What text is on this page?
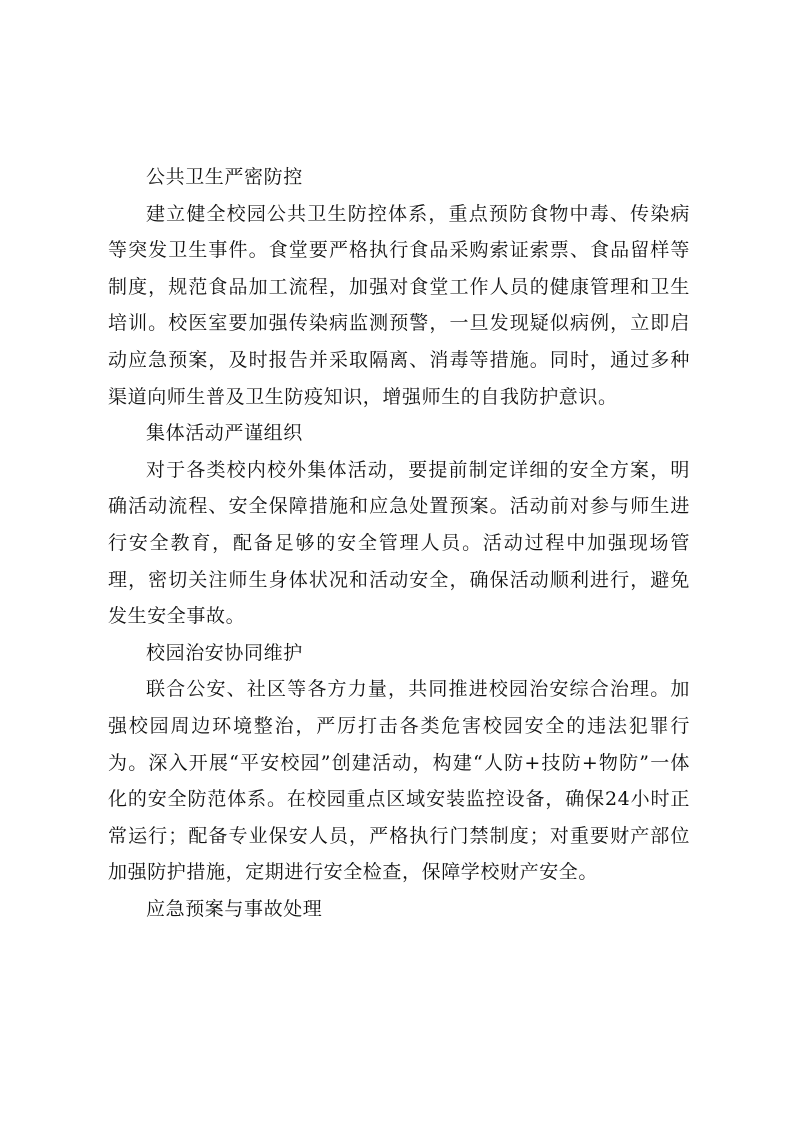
公共卫生严密防控

建立健全校园公共卫生防控体系，重点预防食物中毒、传染病等突发卫生事件。食堂要严格执行食品采购索证索票、食品留样等制度，规范食品加工流程，加强对食堂工作人员的健康管理和卫生培训。校医室要加强传染病监测预警，一旦发现疑似病例，立即启动应急预案，及时报告并采取隔离、消毒等措施。同时，通过多种渠道向师生普及卫生防疫知识，增强师生的自我防护意识。

集体活动严谨组织

对于各类校内校外集体活动，要提前制定详细的安全方案，明确活动流程、安全保障措施和应急处置预案。活动前对参与师生进行安全教育，配备足够的安全管理人员。活动过程中加强现场管理，密切关注师生身体状况和活动安全，确保活动顺利进行，避免发生安全事故。

校园治安协同维护

联合公安、社区等各方力量，共同推进校园治安综合治理。加强校园周边环境整治，严厉打击各类危害校园安全的违法犯罪行为。深入开展“平安校园”创建活动，构建“人防+技防+物防”一体化的安全防范体系。在校园重点区域安装监控设备，确保24小时正常运行；配备专业保安人员，严格执行门禁制度；对重要财产部位加强防护措施，定期进行安全检查，保障学校财产安全。

应急预案与事故处理
